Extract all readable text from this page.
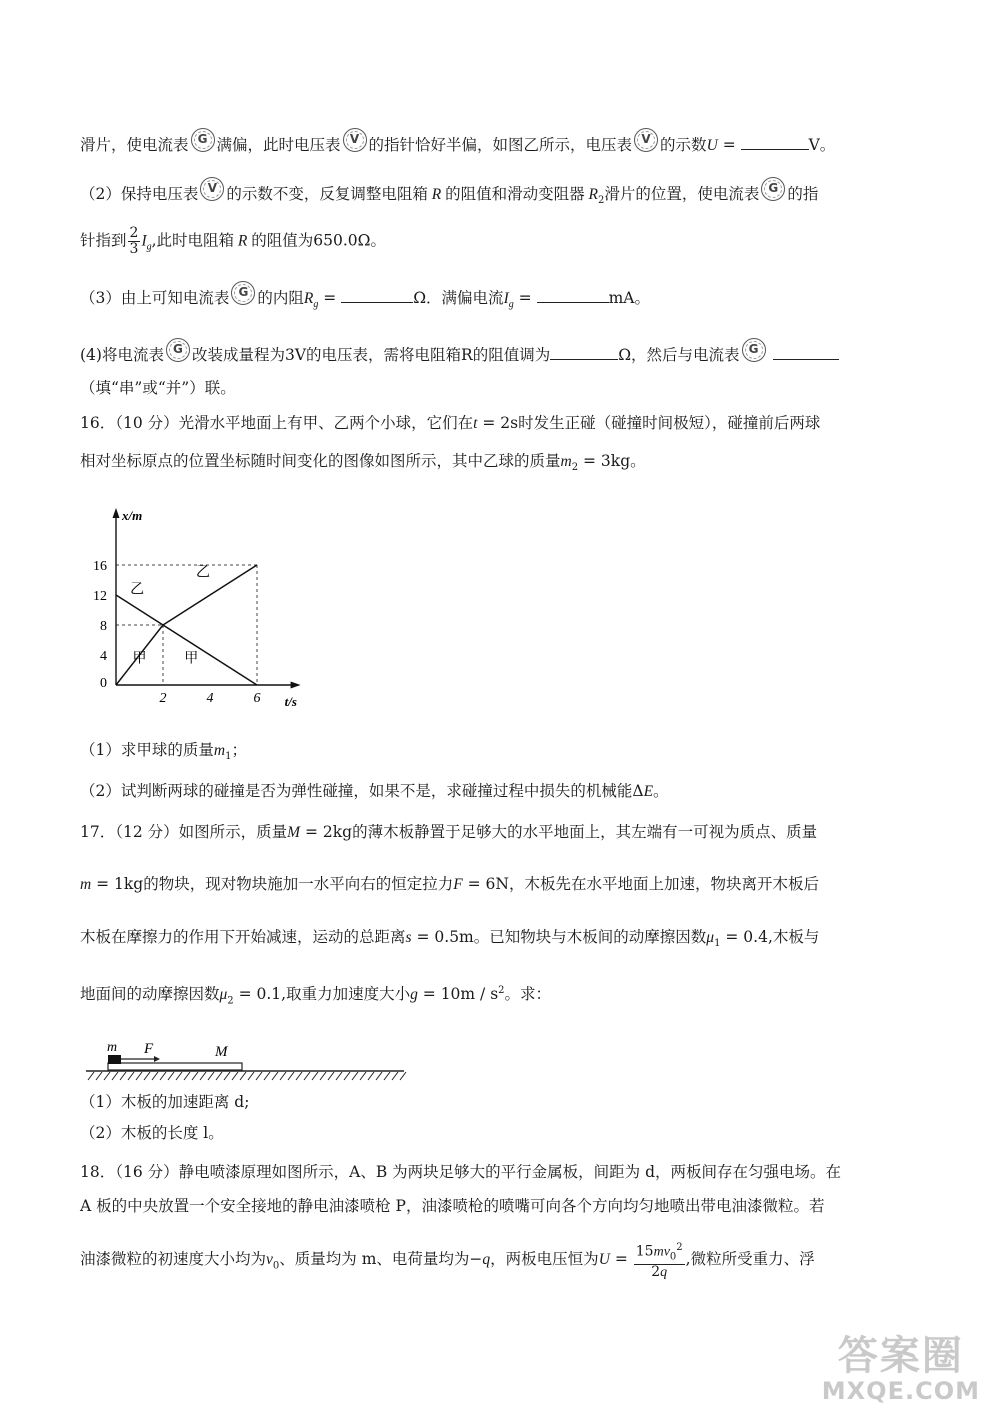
滑片，使电流表 G 满偏，此时电压表 V 的指针恰好半偏，如图乙所示，电压表 V 的示数U =	V。
（2）保持电压表 V 的示数不变，反复调整电阻箱 R 的阻值和滑动变阻器 $R_2$滑片的位置，使电流表 G 的指
针指到 $\frac{2}{3} I_g$,此时电阻箱 R 的阻值为650.0Ω。
（3）由上可知电流表 G 的内阻$R_g$ =	Ω．满偏电流$I_g$ =	mA。
(4)将电流表 G 改装成量程为3V的电压表，需将电阻箱R的阻值调为	Ω，然后与电流表 G
（填“串”或“并”）联。
16．（10 分）光滑水平地面上有甲、乙两个小球，它们在t = 2s时发生正碰（碰撞时间极短），碰撞前后两球
相对坐标原点的位置坐标随时间变化的图像如图所示，其中乙球的质量$m_2 = 3kg$。
x/m
t/s
4
8
12
16
0
2	4	6
乙
乙
甲	甲
（1）求甲球的质量$m_1$；
（2）试判断两球的碰撞是否为弹性碰撞，如果不是，求碰撞过程中损失的机械能ΔE。
17．（12 分）如图所示，质量M = 2kg的薄木板静置于足够大的水平地面上，其左端有一可视为质点、质量
m = 1kg的物块，现对物块施加一水平向右的恒定拉力F = 6N，木板先在水平地面上加速，物块离开木板后
木板在摩擦力的作用下开始减速，运动的总距离s = 0.5m。已知物块与木板间的动摩擦因数$\mu_1 = 0.4$,木板与
地面间的动摩擦因数$\mu_2 = 0.1$,取重力加速度大小$g = 10m / s^2$。求：
m F	M
（1）木板的加速距离 d;
（2）木板的长度 l。
18．（16 分）静电喷漆原理如图所示，A、B 为两块足够大的平行金属板，间距为 d，两板间存在匀强电场。在
A 板的中央放置一个安全接地的静电油漆喷枪 P，油漆喷枪的喷嘴可向各个方向均匀地喷出带电油漆微粒。若
油漆微粒的初速度大小均为$v_0$、质量均为 m、电荷量均为−q，两板电压恒为$U = \frac{15mv_0^2}{2q}$ ,微粒所受重力、浮
答案圈
MXQE.COM
